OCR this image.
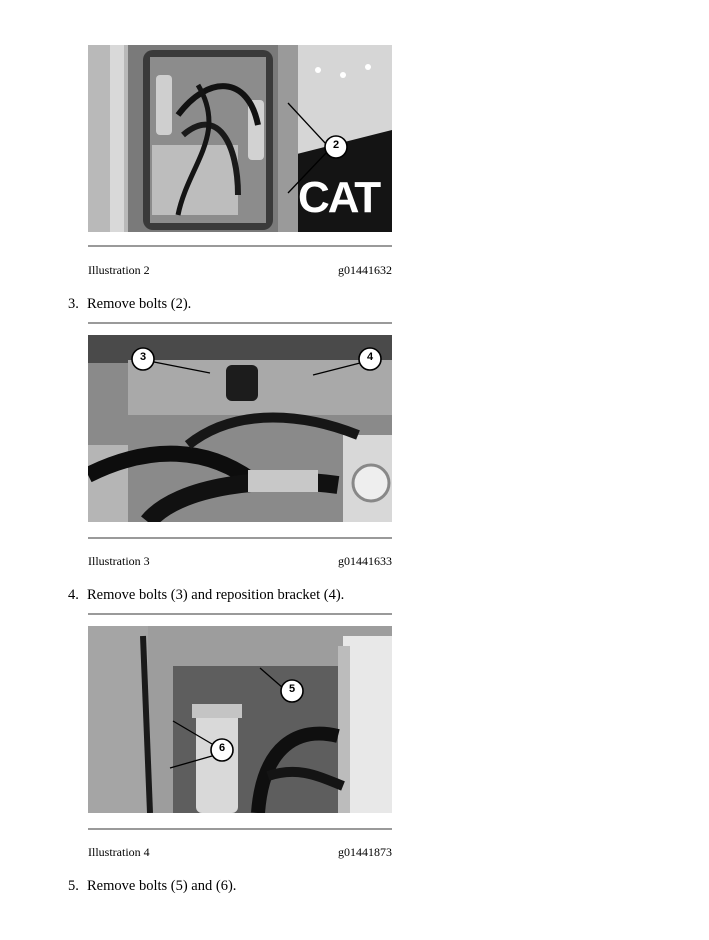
2
CAT
Illustration 2	g01441632
3. Remove bolts (2).
3	4
Illustration 3	g01441633
4. Remove bolts (3) and reposition bracket (4).
5
6
Illustration 4	g01441873
5. Remove bolts (5) and (6).
